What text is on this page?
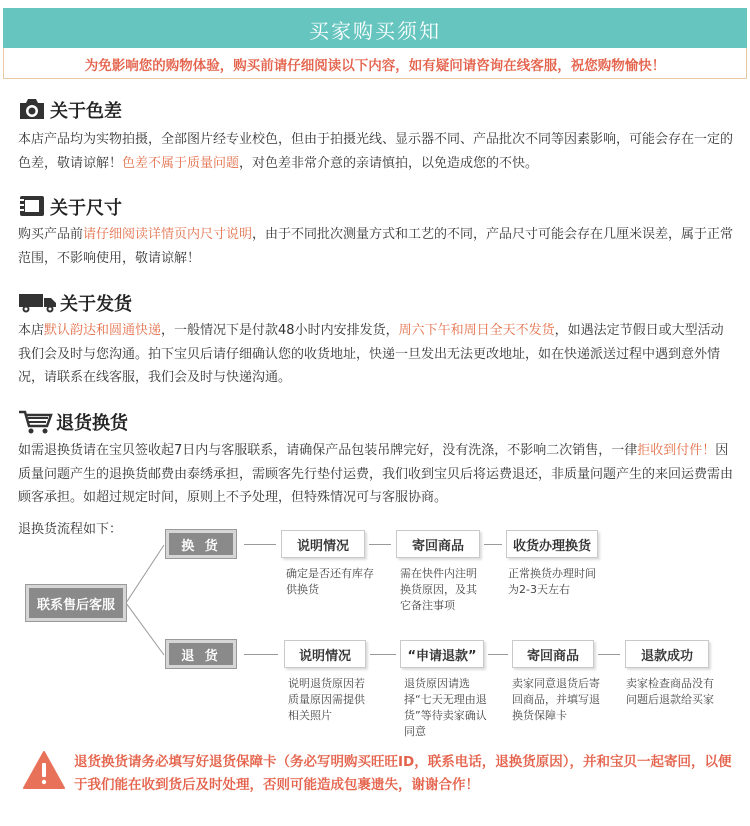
买家购买须知
为免影响您的购物体验，购买前请仔细阅读以下内容，如有疑问请咨询在线客服，祝您购物愉快！
关于色差
本店产品均为实物拍摄，全部图片经专业校色，但由于拍摄光线、显示器不同、产品批次不同等因素影响，可能会存在一定的色差，敬请谅解！色差不属于质量问题，对色差非常介意的亲请慎拍，以免造成您的不快。
关于尺寸
购买产品前请仔细阅读详情页内尺寸说明，由于不同批次测量方式和工艺的不同，产品尺寸可能会存在几厘米误差，属于正常范围，不影响使用，敬请谅解！
关于发货
本店默认韵达和圆通快递，一般情况下是付款48小时内安排发货，周六下午和周日全天不发货，如遇法定节假日或大型活动我们会及时与您沟通。拍下宝贝后请仔细确认您的收货地址，快递一旦发出无法更改地址，如在快递派送过程中遇到意外情况，请联系在线客服，我们会及时与快递沟通。
退货换货
如需退换货请在宝贝签收起7日内与客服联系，请确保产品包装吊牌完好，没有洗涤，不影响二次销售，一律拒收到付件！因质量问题产生的退换货邮费由泰绣承担，需顾客先行垫付运费，我们收到宝贝后将运费退还，非质量问题产生的来回运费需由顾客承担。如超过规定时间，原则上不予处理，但特殊情况可与客服协商。
退换货流程如下：
联系售后客服
换 货	说明情况	寄回商品	收货办理换货
确定是否还有库存供换货
需在快件内注明换货原因，及其它备注事项
正常换货办理时间为2-3天左右
退 货	说明情况	“申请退款”	寄回商品	退款成功
说明退货原因若质量原因需提供相关照片
退货原因请选择“七天无理由退货”等待卖家确认同意
卖家同意退货后寄回商品，并填写退换货保障卡
卖家检查商品没有问题后退款给买家
退货换货请务必填写好退货保障卡（务必写明购买旺旺ID，联系电话，退换货原因），并和宝贝一起寄回，以便于我们能在收到货后及时处理，否则可能造成包裹遗失，谢谢合作！
